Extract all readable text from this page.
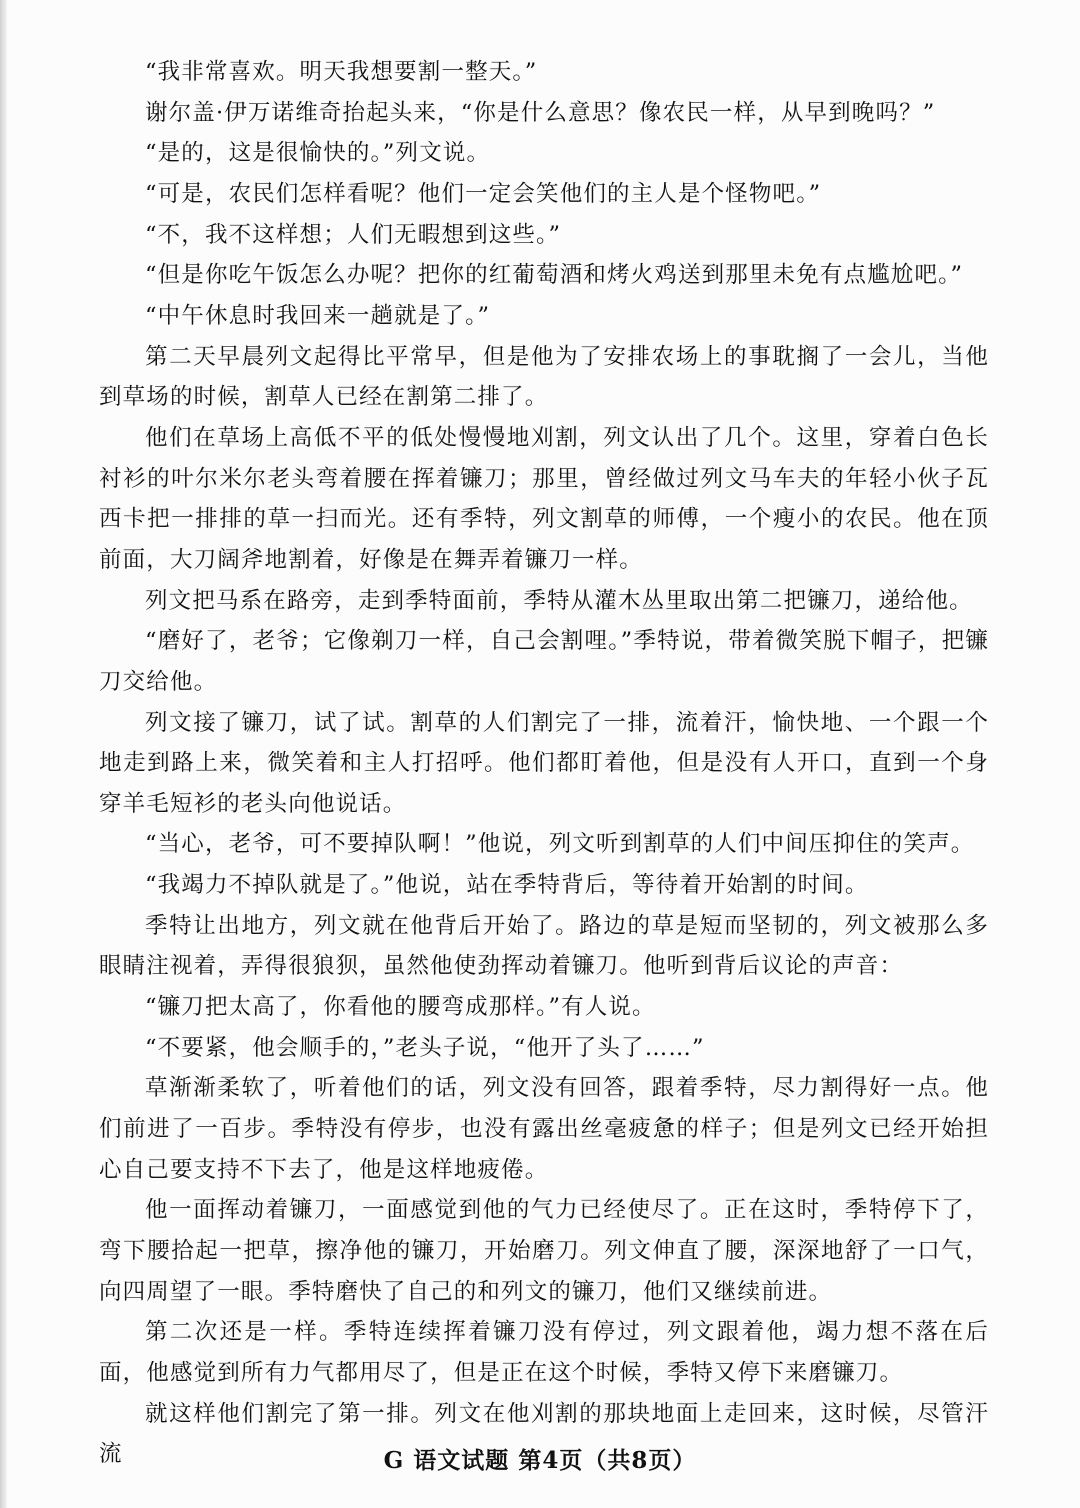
“我非常喜欢。明天我想要割一整天。”

谢尔盖·伊万诺维奇抬起头来，“你是什么意思？像农民一样，从早到晚吗？”

“是的，这是很愉快的。”列文说。

“可是，农民们怎样看呢？他们一定会笑他们的主人是个怪物吧。”

“不，我不这样想；人们无暇想到这些。”

“但是你吃午饭怎么办呢？把你的红葡萄酒和烤火鸡送到那里未免有点尴尬吧。”

“中午休息时我回来一趟就是了。”

第二天早晨列文起得比平常早，但是他为了安排农场上的事耽搁了一会儿，当他到草场的时候，割草人已经在割第二排了。

他们在草场上高低不平的低处慢慢地刈割，列文认出了几个。这里，穿着白色长衬衫的叶尔米尔老头弯着腰在挥着镰刀；那里，曾经做过列文马车夫的年轻小伙子瓦西卡把一排排的草一扫而光。还有季特，列文割草的师傅，一个瘦小的农民。他在顶前面，大刀阔斧地割着，好像是在舞弄着镰刀一样。

列文把马系在路旁，走到季特面前，季特从灌木丛里取出第二把镰刀，递给他。

“磨好了，老爷；它像剃刀一样，自己会割哩。”季特说，带着微笑脱下帽子，把镰刀交给他。

列文接了镰刀，试了试。割草的人们割完了一排，流着汗，愉快地、一个跟一个地走到路上来，微笑着和主人打招呼。他们都盯着他，但是没有人开口，直到一个身穿羊毛短衫的老头向他说话。

“当心，老爷，可不要掉队啊！”他说，列文听到割草的人们中间压抑住的笑声。

“我竭力不掉队就是了。”他说，站在季特背后，等待着开始割的时间。

季特让出地方，列文就在他背后开始了。路边的草是短而坚韧的，列文被那么多眼睛注视着，弄得很狼狈，虽然他使劲挥动着镰刀。他听到背后议论的声音：

“镰刀把太高了，你看他的腰弯成那样。”有人说。

“不要紧，他会顺手的，”老头子说，“他开了头了……”

草渐渐柔软了，听着他们的话，列文没有回答，跟着季特，尽力割得好一点。他们前进了一百步。季特没有停步，也没有露出丝毫疲惫的样子；但是列文已经开始担心自己要支持不下去了，他是这样地疲倦。

他一面挥动着镰刀，一面感觉到他的气力已经使尽了。正在这时，季特停下了，弯下腰拾起一把草，擦净他的镰刀，开始磨刀。列文伸直了腰，深深地舒了一口气，向四周望了一眼。季特磨快了自己的和列文的镰刀，他们又继续前进。

第二次还是一样。季特连续挥着镰刀没有停过，列文跟着他，竭力想不落在后面，他感觉到所有力气都用尽了，但是正在这个时候，季特又停下来磨镰刀。

就这样他们割完了第一排。列文在他刈割的那块地面上走回来，这时候，尽管汗流	G 语文试题 第4页（共8页）
